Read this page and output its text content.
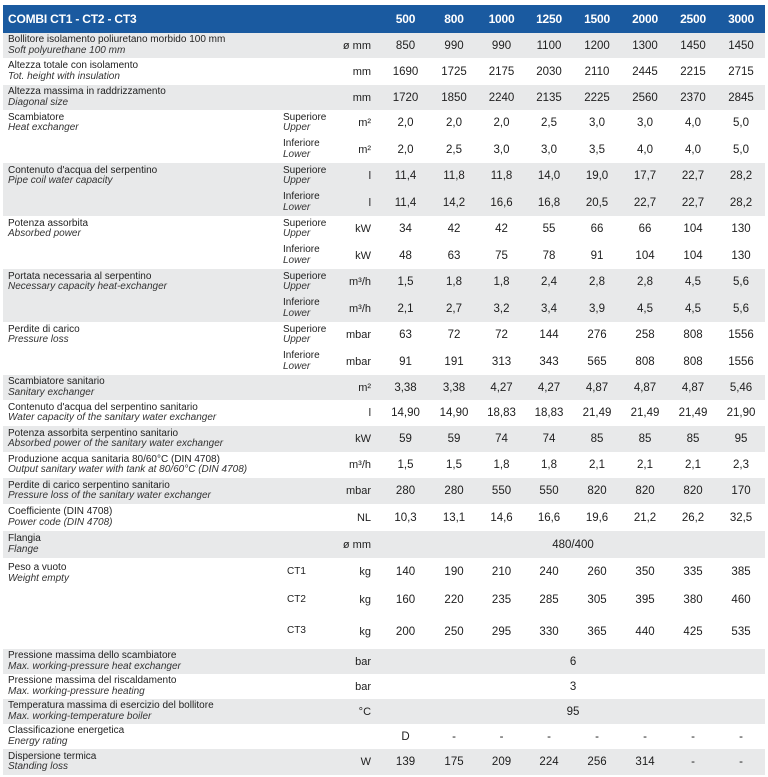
COMBI CT1 - CT2 - CT3			500	800	1000	1250	1500	2000	2500	3000

Bollitore isolamento poliuretano morbido 100 mm
Soft polyurethane 100 mm		ø mm	850	990	990	1100	1200	1300	1450	1450

Altezza totale con isolamento
Tot. height with insulation		mm	1690	1725	2175	2030	2110	2445	2215	2715

Altezza massima in raddrizzamento
Diagonal size		mm	1720	1850	2240	2135	2225	2560	2370	2845

Scambiatore
Heat exchanger	Superiore
Upper	m²	2,0	2,0	2,0	2,5	3,0	3,0	4,0	5,0

	Inferiore
Lower	m²	2,0	2,5	3,0	3,0	3,5	4,0	4,0	5,0

Contenuto d'acqua del serpentino
Pipe coil water capacity	Superiore
Upper	l	11,4	11,8	11,8	14,0	19,0	17,7	22,7	28,2

	Inferiore
Lower	l	11,4	14,2	16,6	16,8	20,5	22,7	22,7	28,2

Potenza assorbita
Absorbed power	Superiore
Upper	kW	34	42	42	55	66	66	104	130

	Inferiore
Lower	kW	48	63	75	78	91	104	104	130

Portata necessaria al serpentino
Necessary capacity heat-exchanger	Superiore
Upper	m³/h	1,5	1,8	1,8	2,4	2,8	2,8	4,5	5,6

	Inferiore
Lower	m³/h	2,1	2,7	3,2	3,4	3,9	4,5	4,5	5,6

Perdite di carico
Pressure loss	Superiore
Upper	mbar	63	72	72	144	276	258	808	1556

	Inferiore
Lower	mbar	91	191	313	343	565	808	808	1556

Scambiatore sanitario
Sanitary exchanger		m²	3,38	3,38	4,27	4,27	4,87	4,87	4,87	5,46

Contenuto d'acqua del serpentino sanitario
Water capacity of the sanitary water exchanger		l	14,90	14,90	18,83	18,83	21,49	21,49	21,49	21,90

Potenza assorbita serpentino sanitario
Absorbed power of the sanitary water exchanger		kW	59	59	74	74	85	85	85	95

Produzione acqua sanitaria 80/60°C (DIN 4708)
Output sanitary water with tank at 80/60°C (DIN 4708)		m³/h	1,5	1,5	1,8	1,8	2,1	2,1	2,1	2,3

Perdite di carico serpentino sanitario
Pressure loss of the sanitary water exchanger		mbar	280	280	550	550	820	820	820	170

Coefficiente (DIN 4708)
Power code (DIN 4708)		NL	10,3	13,1	14,6	16,6	19,6	21,2	26,2	32,5

Flangia
Flange		ø mm	480/400							

Peso a vuoto
Weight empty	CT1	kg	140	190	210	240	260	350	335	385
	CT2	kg	160	220	235	285	305	395	380	460
	CT3	kg	200	250	295	330	365	440	425	535

Pressione massima dello scambiatore
Max. working-pressure heat exchanger		bar	6							

Pressione massima del riscaldamento
Max. working-pressure heating		bar	3							

Temperatura massima di esercizio del bollitore
Max. working-temperature boiler		°C	95							

Classificazione energetica
Energy rating			D	-	-	-	-	-	-	-

Dispersione termica
Standing loss		W	139	175	209	224	256	314	-	-
